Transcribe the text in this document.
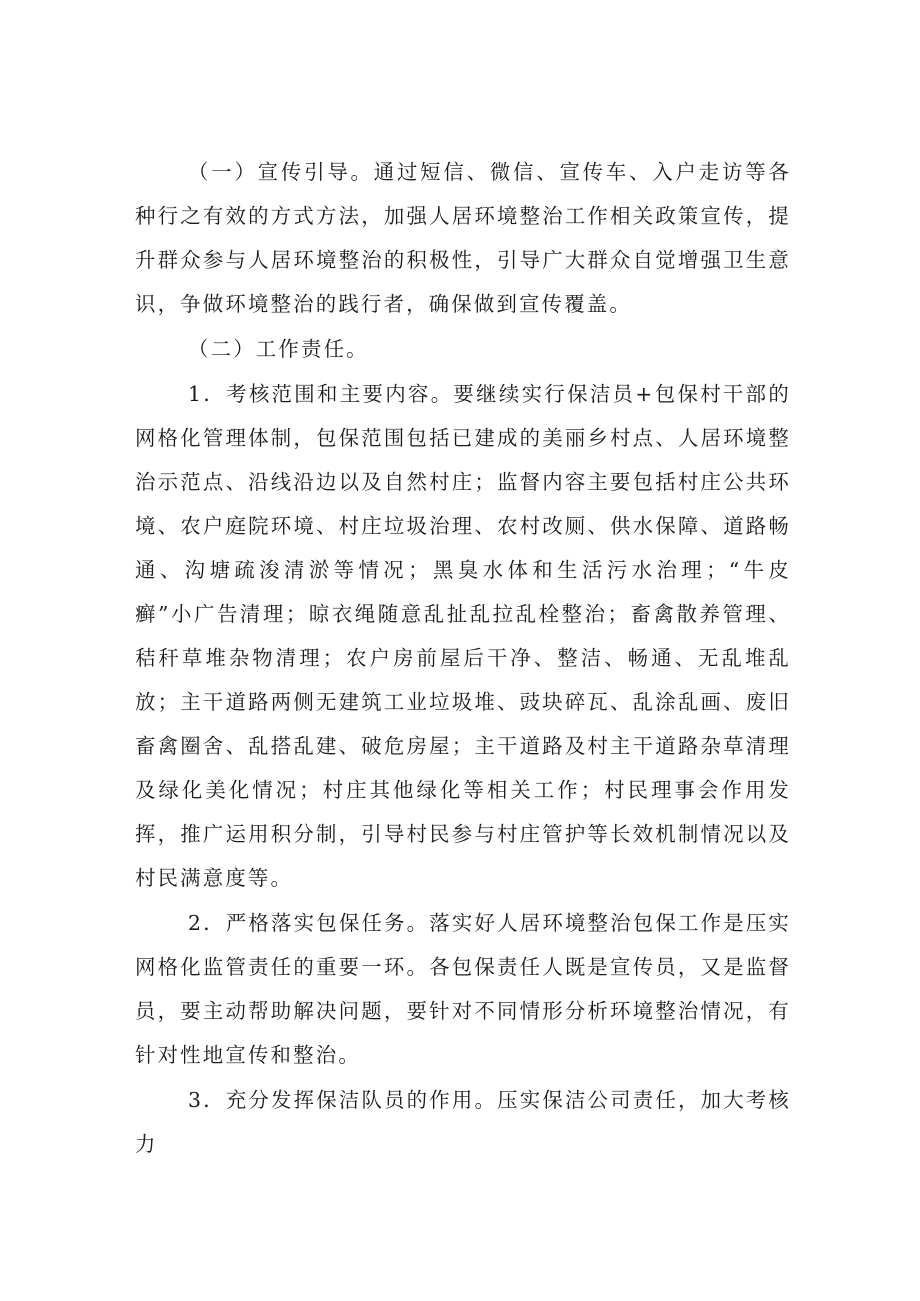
（一）宣传引导。通过短信、微信、宣传车、入户走访等各种行之有效的方式方法，加强人居环境整治工作相关政策宣传，提升群众参与人居环境整治的积极性，引导广大群众自觉增强卫生意识，争做环境整治的践行者，确保做到宣传覆盖。

（二）工作责任。

1．考核范围和主要内容。要继续实行保洁员+包保村干部的网格化管理体制，包保范围包括已建成的美丽乡村点、人居环境整治示范点、沿线沿边以及自然村庄；监督内容主要包括村庄公共环境、农户庭院环境、村庄垃圾治理、农村改厕、供水保障、道路畅通、沟塘疏浚清淤等情况；黑臭水体和生活污水治理；“牛皮癣”小广告清理；晾衣绳随意乱扯乱拉乱栓整治；畜禽散养管理、秸秆草堆杂物清理；农户房前屋后干净、整洁、畅通、无乱堆乱放；主干道路两侧无建筑工业垃圾堆、豉块碎瓦、乱涂乱画、废旧畜禽圈舍、乱搭乱建、破危房屋；主干道路及村主干道路杂草清理及绿化美化情况；村庄其他绿化等相关工作；村民理事会作用发挥，推广运用积分制，引导村民参与村庄管护等长效机制情况以及村民满意度等。

2．严格落实包保任务。落实好人居环境整治包保工作是压实网格化监管责任的重要一环。各包保责任人既是宣传员，又是监督员，要主动帮助解决问题，要针对不同情形分析环境整治情况，有针对性地宣传和整治。

3．充分发挥保洁队员的作用。压实保洁公司责任，加大考核力
